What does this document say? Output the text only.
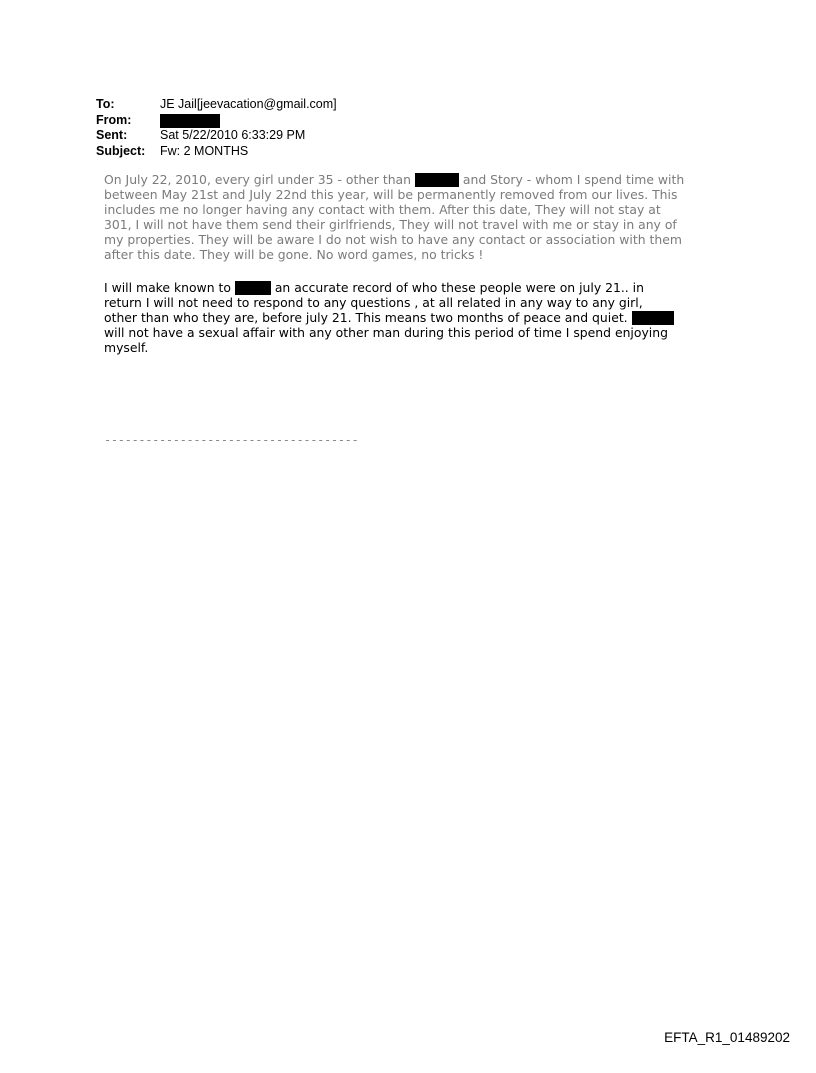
To:	JE Jail[jeevacation@gmail.com]
From:
Sent:	Sat 5/22/2010 6:33:29 PM
Subject:	Fw: 2 MONTHS
On July 22, 2010, every girl under 35 - other than	and Story - whom I spend time with
between May 21st and July 22nd this year, will be permanently removed from our lives. This
includes me no longer having any contact with them. After this date, They will not stay at
301, I will not have them send their girlfriends, They will not travel with me or stay in any of
my properties. They will be aware I do not wish to have any contact or association with them
after this date. They will be gone. No word games, no tricks !
I will make known to	an accurate record of who these people were on july 21.. in
return I will not need to respond to any questions , at all related in any way to any girl,
other than who they are, before july 21. This means two months of peace and quiet.
will not have a sexual affair with any other man during this period of time I spend enjoying
myself.
-------------------------------------
EFTA_R1_01489202
